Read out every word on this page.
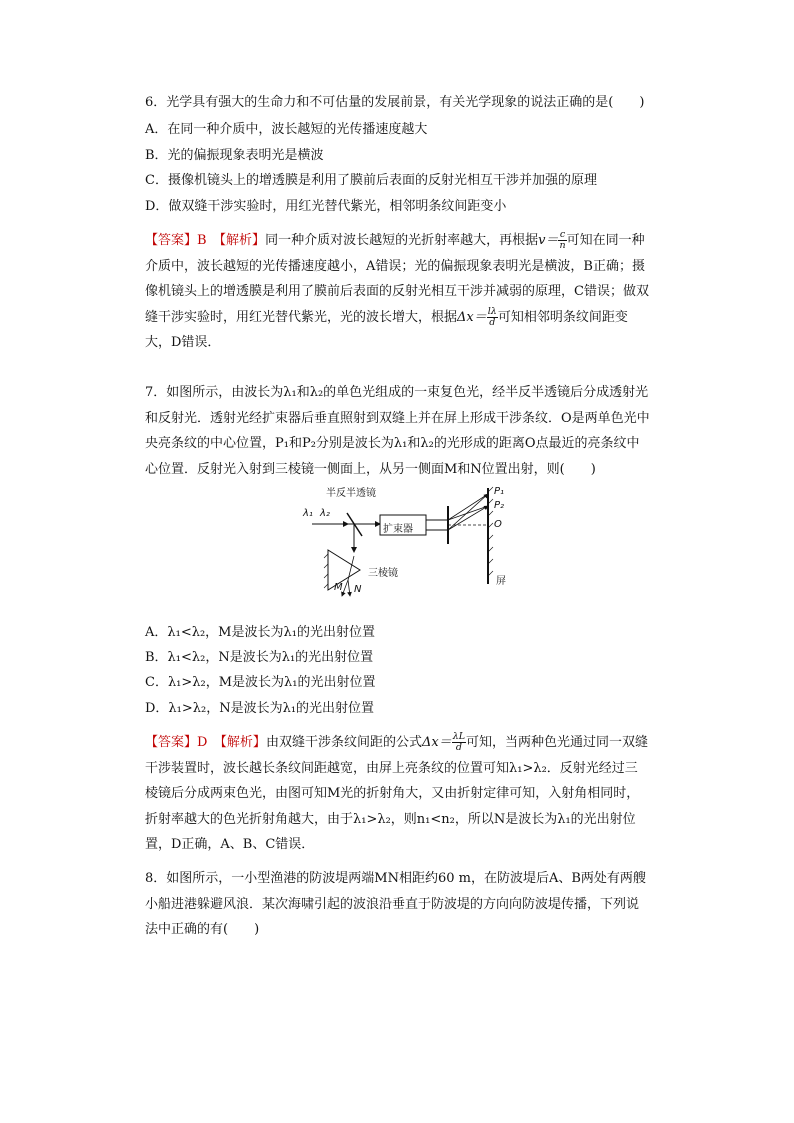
6．光学具有强大的生命力和不可估量的发展前景，有关光学现象的说法正确的是(　　)
A．在同一种介质中，波长越短的光传播速度越大
B．光的偏振现象表明光是横波
C．摄像机镜头上的增透膜是利用了膜前后表面的反射光相互干涉并加强的原理
D．做双缝干涉实验时，用红光替代紫光，相邻明条纹间距变小
【答案】B　【解析】同一种介质对波长越短的光折射率越大，再根据$v= \frac{c}{n}$ 可知在同一种介质中，波长越短的光传播速度越小，A错误；光的偏振现象表明光是横波，B正确；摄像机镜头上的增透膜是利用了膜前后表面的反射光相互干涉并减弱的原理，C错误；做双缝干涉实验时，用红光替代紫光，光的波长增大，根据$\Delta x= \frac{l\lambda}{d}$ 可知相邻明条纹间距变大，D错误．
7．如图所示，由波长为λ₁和λ₂的单色光组成的一束复色光，经半反半透镜后分成透射光和反射光．透射光经扩束器后垂直照射到双缝上并在屏上形成干涉条纹．O是两单色光中央亮条纹的中心位置，P₁和P₂分别是波长为λ₁和λ₂的光形成的距离O点最近的亮条纹中心位置．反射光入射到三棱镜一侧面上，从另一侧面M和N位置出射，则(　　)
半反半透镜
扩束器
三棱镜
屏
λ₁ λ₂
P₁
P₂
O
M N
A．λ₁<λ₂，M是波长为λ₁的光出射位置
B．λ₁<λ₂，N是波长为λ₁的光出射位置
C．λ₁>λ₂，M是波长为λ₁的光出射位置
D．λ₁>λ₂，N是波长为λ₁的光出射位置
【答案】D　【解析】由双缝干涉条纹间距的公式$\Delta x= \frac{\lambda L}{d}$ 可知，当两种色光通过同一双缝干涉装置时，波长越长条纹间距越宽，由屏上亮条纹的位置可知λ₁>λ₂．反射光经过三棱镜后分成两束色光，由图可知M光的折射角大，又由折射定律可知，入射角相同时，折射率越大的色光折射角越大，由于λ₁>λ₂，则n₁<n₂，所以N是波长为λ₁的光出射位置，D正确，A、B、C错误．
8．如图所示，一小型渔港的防波堤两端MN相距约60 m，在防波堤后A、B两处有两艘小船进港躲避风浪．某次海啸引起的波浪沿垂直于防波堤的方向向防波堤传播，下列说法中正确的有(　　)
